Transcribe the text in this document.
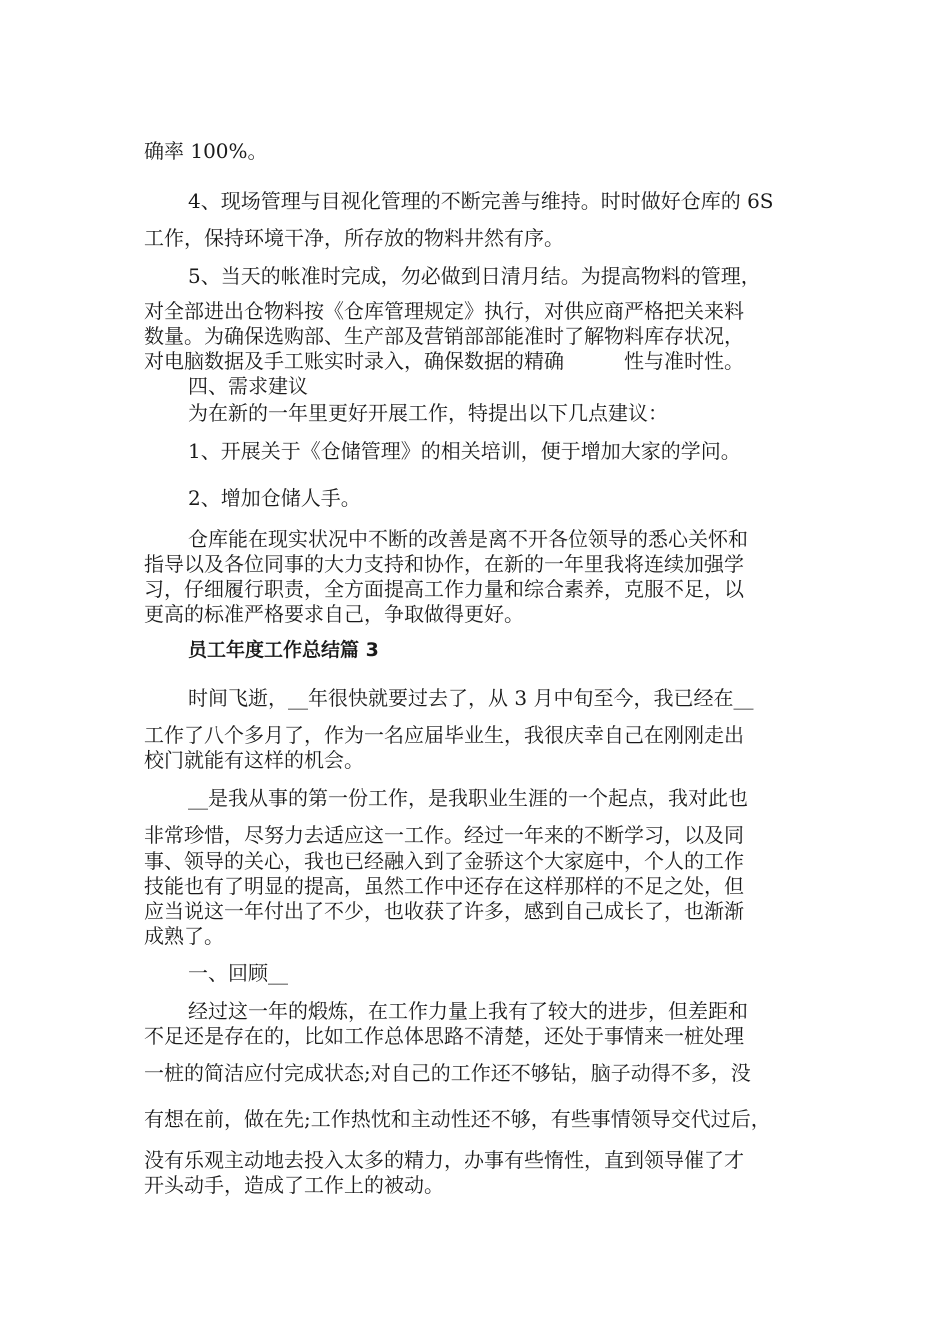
确率 100%。
4、现场管理与目视化管理的不断完善与维持。时时做好仓库的 6S
工作，保持环境干净，所存放的物料井然有序。
5、当天的帐准时完成，勿必做到日清月结。为提高物料的管理，
对全部进出仓物料按《仓库管理规定》执行，对供应商严格把关来料
数量。为确保选购部、生产部及营销部部能准时了解物料库存状况，
对电脑数据及手工账实时录入，确保数据的精确　　　性与准时性。
四、需求建议
为在新的一年里更好开展工作，特提出以下几点建议：
1、开展关于《仓储管理》的相关培训，便于增加大家的学问。
2、增加仓储人手。
仓库能在现实状况中不断的改善是离不开各位领导的悉心关怀和
指导以及各位同事的大力支持和协作，在新的一年里我将连续加强学
习，仔细履行职责，全方面提高工作力量和综合素养，克服不足，以
更高的标准严格要求自己，争取做得更好。
员工年度工作总结篇 3
时间飞逝，__年很快就要过去了，从 3 月中旬至今，我已经在__
工作了八个多月了，作为一名应届毕业生，我很庆幸自己在刚刚走出
校门就能有这样的机会。
__是我从事的第一份工作，是我职业生涯的一个起点，我对此也
非常珍惜，尽努力去适应这一工作。经过一年来的不断学习，以及同
事、领导的关心，我也已经融入到了金骄这个大家庭中，个人的工作
技能也有了明显的提高，虽然工作中还存在这样那样的不足之处，但
应当说这一年付出了不少，也收获了许多，感到自己成长了，也渐渐
成熟了。
一、回顾__
经过这一年的煅炼，在工作力量上我有了较大的进步，但差距和
不足还是存在的，比如工作总体思路不清楚，还处于事情来一桩处理
一桩的简洁应付完成状态;对自己的工作还不够钻，脑子动得不多，没
有想在前，做在先;工作热忱和主动性还不够，有些事情领导交代过后，
没有乐观主动地去投入太多的精力，办事有些惰性，直到领导催了才
开头动手，造成了工作上的被动。
